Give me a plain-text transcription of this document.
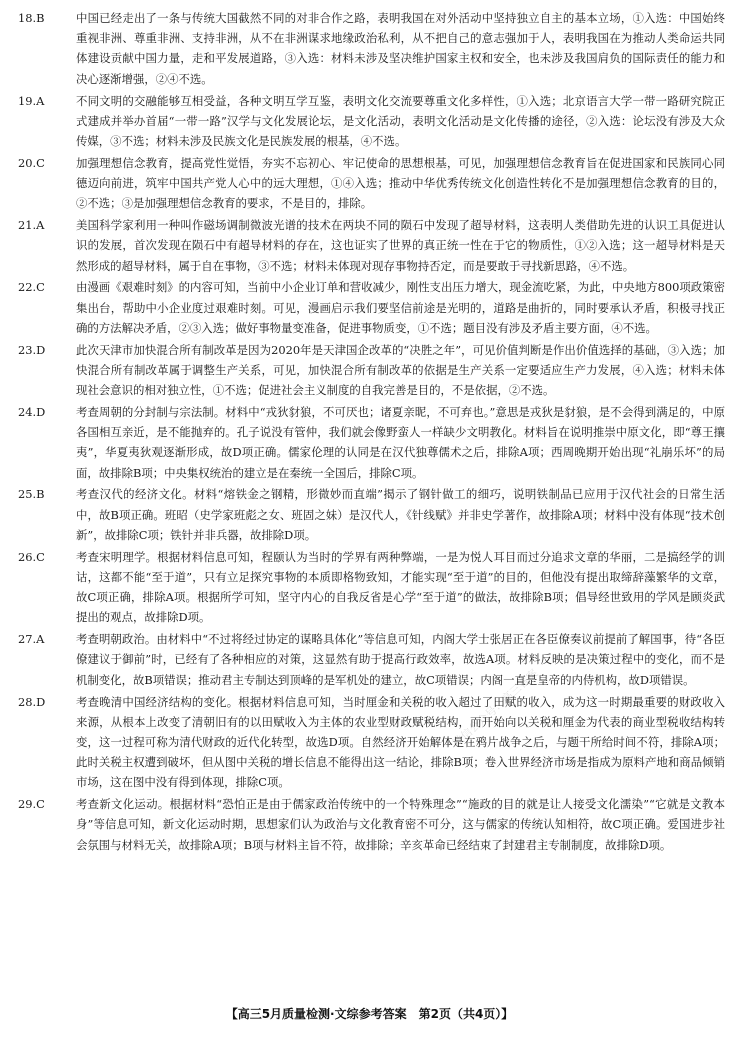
18.B	中国已经走出了一条与传统大国截然不同的对非合作之路，表明我国在对外活动中坚持独立自主的基本立场，①入选：中国始终重视非洲、尊重非洲、支持非洲，从不在非洲谋求地缘政治私利，从不把自己的意志强加于人，表明我国在为推动人类命运共同体建设贡献中国力量，走和平发展道路，③入选：材料未涉及坚决维护国家主权和安全，也未涉及我国肩负的国际责任的能力和决心逐渐增强，②④不选。
19.A	不同文明的交融能够互相受益，各种文明互学互鉴，表明文化交流要尊重文化多样性，①入选；北京语言大学一带一路研究院正式建成并举办首届“一带一路”汉学与文化发展论坛，是文化活动，表明文化活动是文化传播的途径，②入选：论坛没有涉及大众传媒，③不选；材料未涉及民族文化是民族发展的根基，④不选。
20.C	加强理想信念教育，提高党性觉悟，夯实不忘初心、牢记使命的思想根基，可见，加强理想信念教育旨在促进国家和民族同心同德迈向前进，筑牢中国共产党人心中的远大理想，①④入选；推动中华优秀传统文化创造性转化不是加强理想信念教育的目的，②不选；③是加强理想信念教育的要求，不是目的，排除。
21.A	美国科学家利用一种叫作磁场调制微波光谱的技术在两块不同的陨石中发现了超导材料，这表明人类借助先进的认识工具促进认识的发展，首次发现在陨石中有超导材料的存在，这也证实了世界的真正统一性在于它的物质性，①②入选；这一超导材料是天然形成的超导材料，属于自在事物，③不选；材料未体现对现存事物持否定，而是要敢于寻找新思路，④不选。
22.C	由漫画《艰难时刻》的内容可知，当前中小企业订单和营收减少，刚性支出压力增大，现金流吃紧，为此，中央地方800项政策密集出台，帮助中小企业度过艰难时刻。可见，漫画启示我们要坚信前途是光明的，道路是曲折的，同时要承认矛盾，积极寻找正确的方法解决矛盾，②③入选；做好事物量变准备，促进事物质变，①不选；题目没有涉及矛盾主要方面，④不选。
23.D	此次天津市加快混合所有制改革是因为2020年是天津国企改革的“决胜之年”，可见价值判断是作出价值选择的基础，③入选；加快混合所有制改革属于调整生产关系，可见，加快混合所有制改革的依据是生产关系一定要适应生产力发展，④入选；材料未体现社会意识的相对独立性，①不选；促进社会主义制度的自我完善是目的，不是依据，②不选。
24.D	考查周朝的分封制与宗法制。材料中“戎狄豺狼，不可厌也；诸夏亲昵，不可弃也。”意思是戎狄是豺狼，是不会得到满足的，中原各国相互亲近，是不能抛弃的。孔子说没有管仲，我们就会像野蛮人一样缺少文明教化。材料旨在说明推崇中原文化，即“尊王攘夷”，华夏夷狄观逐渐形成，故D项正确。儒家伦理的认同是在汉代独尊儒术之后，排除A项；西周晚期开始出现“礼崩乐坏”的局面，故排除B项；中央集权统治的建立是在秦统一全国后，排除C项。
25.B	考查汉代的经济文化。材料“熔铁金之钢精，形微妙而直端”揭示了钢针做工的细巧，说明铁制品已应用于汉代社会的日常生活中，故B项正确。班昭（史学家班彪之女、班固之妹）是汉代人，《针线赋》并非史学著作，故排除A项；材料中没有体现“技术创新”，故排除C项；铁针并非兵器，故排除D项。
26.C	考查宋明理学。根据材料信息可知，程颐认为当时的学界有两种弊端，一是为悦人耳目而过分追求文章的华丽，二是搞经学的训诂，这都不能“至于道”，只有立足探究事物的本质即格物致知，才能实现“至于道”的目的，但他没有提出取缔辞藻繁华的文章，故C项正确，排除A项。根据所学可知，坚守内心的自我反省是心学“至于道”的做法，故排除B项；倡导经世致用的学风是顾炎武提出的观点，故排除D项。
27.A	考查明朝政治。由材料中“不过将经过协定的谋略具体化”等信息可知，内阁大学士张居正在各臣僚奏议前提前了解国事，待“各臣僚建议于御前”时，已经有了各种相应的对策，这显然有助于提高行政效率，故选A项。材料反映的是决策过程中的变化，而不是机制变化，故B项错误；推动君主专制达到顶峰的是军机处的建立，故C项错误；内阁一直是皇帝的内侍机构，故D项错误。
28.D	考查晚清中国经济结构的变化。根据材料信息可知，当时厘金和关税的收入超过了田赋的收入，成为这一时期最重要的财政收入来源，从根本上改变了清朝旧有的以田赋收入为主体的农业型财政赋税结构，而开始向以关税和厘金为代表的商业型税收结构转变，这一过程可称为清代财政的近代化转型，故选D项。自然经济开始解体是在鸦片战争之后，与题干所给时间不符，排除A项；此时关税主权遭到破坏，但从图中关税的增长信息不能得出这一结论，排除B项；卷入世界经济市场是指成为原料产地和商品倾销市场，这在图中没有得到体现，排除C项。
29.C	考查新文化运动。根据材料“恐怕正是由于儒家政治传统中的一个特殊理念”“施政的目的就是让人接受文化濡染”“它就是文教本身”等信息可知，新文化运动时期，思想家们认为政治与文化教育密不可分，这与儒家的传统认知相符，故C项正确。爱国进步社会氛围与材料无关，故排除A项；B项与材料主旨不符，故排除；辛亥革命已经结束了封建君主专制制度，故排除D项。
微信公众号：高三答案
【高三5月质量检测·文综参考答案　第2页（共4页）】
